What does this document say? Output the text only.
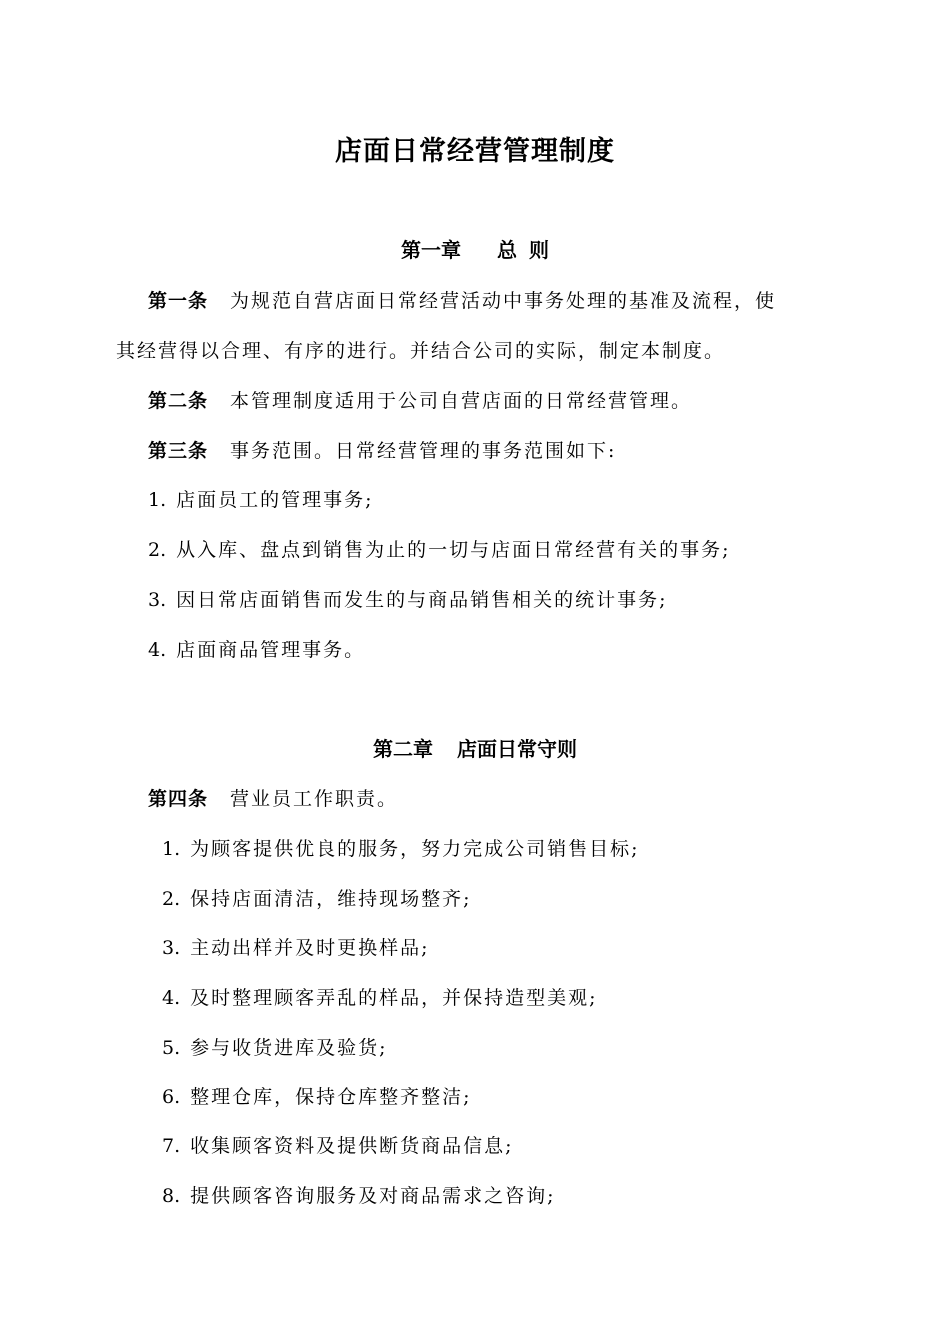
店面日常经营管理制度
第一章 总 则
第一条 为规范自营店面日常经营活动中事务处理的基准及流程，使
其经营得以合理、有序的进行。并结合公司的实际，制定本制度。
第二条 本管理制度适用于公司自营店面的日常经营管理。
第三条 事务范围。日常经营管理的事务范围如下:
1. 店面员工的管理事务;
2. 从入库、盘点到销售为止的一切与店面日常经营有关的事务;
3. 因日常店面销售而发生的与商品销售相关的统计事务;
4. 店面商品管理事务。
第二章 店面日常守则
第四条 营业员工作职责。
1. 为顾客提供优良的服务，努力完成公司销售目标;
2. 保持店面清洁，维持现场整齐;
3. 主动出样并及时更换样品;
4. 及时整理顾客弄乱的样品，并保持造型美观;
5. 参与收货进库及验货;
6. 整理仓库，保持仓库整齐整洁;
7. 收集顾客资料及提供断货商品信息;
8. 提供顾客咨询服务及对商品需求之咨询;
